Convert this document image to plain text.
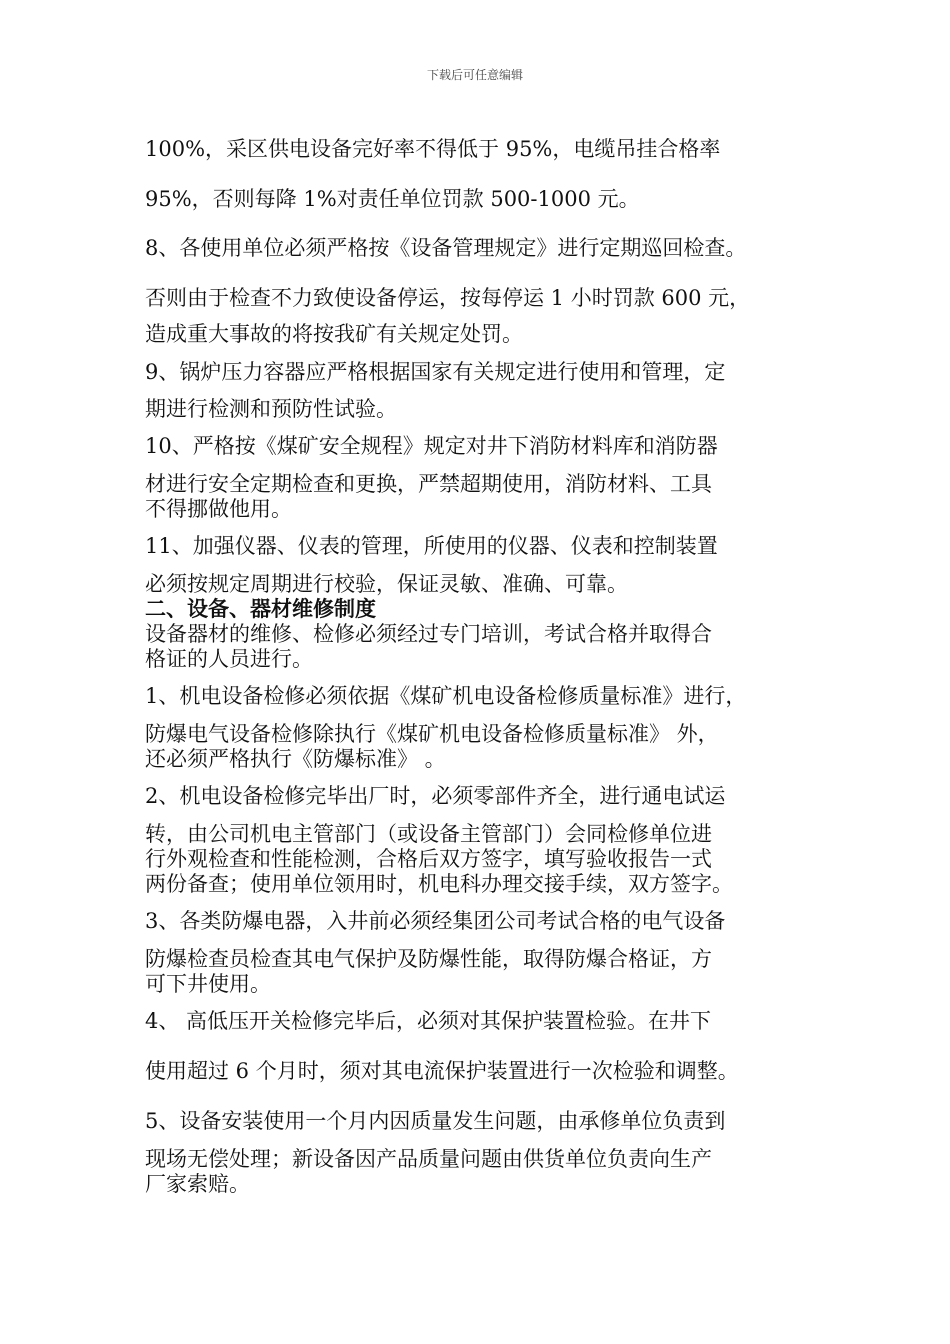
下载后可任意编辑
100%，采区供电设备完好率不得低于 95%，电缆吊挂合格率
95%，否则每降 1%对责任单位罚款 500-1000 元。
8、各使用单位必须严格按《设备管理规定》进行定期巡回检查。
否则由于检查不力致使设备停运，按每停运 1 小时罚款 600 元，
造成重大事故的将按我矿有关规定处罚。
9、锅炉压力容器应严格根据国家有关规定进行使用和管理，定
期进行检测和预防性试验。
10、严格按《煤矿安全规程》规定对井下消防材料库和消防器
材进行安全定期检查和更换，严禁超期使用，消防材料、工具
不得挪做他用。
11、加强仪器、仪表的管理，所使用的仪器、仪表和控制装置
必须按规定周期进行校验，保证灵敏、准确、可靠。
二、设备、器材维修制度
设备器材的维修、检修必须经过专门培训，考试合格并取得合
格证的人员进行。
1、机电设备检修必须依据《煤矿机电设备检修质量标准》进行，
防爆电气设备检修除执行《煤矿机电设备检修质量标准》 外，
还必须严格执行《防爆标准》 。
2、机电设备检修完毕出厂时，必须零部件齐全，进行通电试运
转，由公司机电主管部门（或设备主管部门）会同检修单位进
行外观检查和性能检测，合格后双方签字，填写验收报告一式
两份备查；使用单位领用时，机电科办理交接手续，双方签字。
3、各类防爆电器，入井前必须经集团公司考试合格的电气设备
防爆检查员检查其电气保护及防爆性能，取得防爆合格证，方
可下井使用。
4、 高低压开关检修完毕后，必须对其保护装置检验。在井下
使用超过 6 个月时，须对其电流保护装置进行一次检验和调整。
5、设备安装使用一个月内因质量发生问题，由承修单位负责到
现场无偿处理；新设备因产品质量问题由供货单位负责向生产
厂家索赔。
